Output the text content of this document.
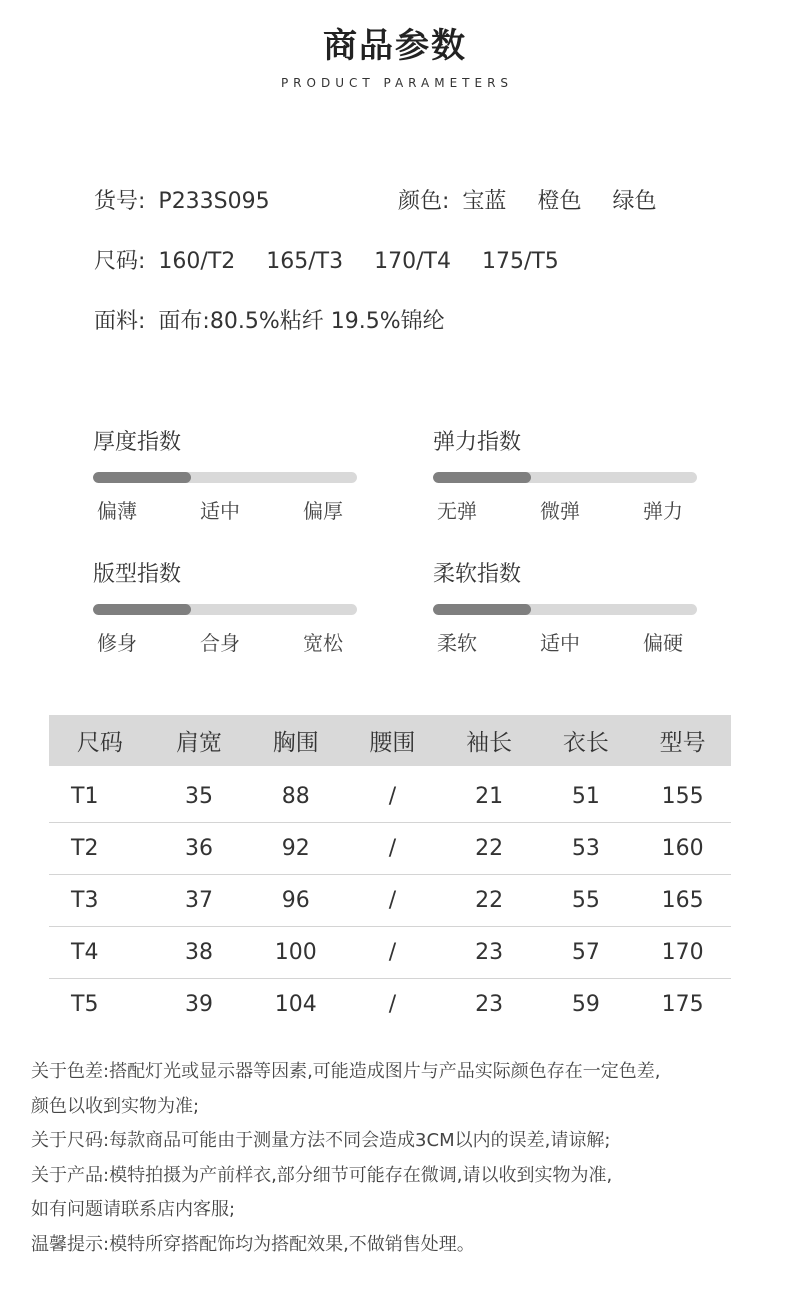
商品参数
PRODUCT PARAMETERS
货号: P233S095	颜色: 宝蓝 橙色 绿色
尺码: 160/T2 165/T3 170/T4 175/T5
面料: 面布:80.5%粘纤 19.5%锦纶
厚度指数
偏薄	适中	偏厚
弹力指数
无弹	微弹	弹力
版型指数
修身	合身	宽松
柔软指数
柔软	适中	偏硬
尺码	肩宽	胸围	腰围	袖长	衣长	型号
T1	35	88	/	21	51	155
T2	36	92	/	22	53	160
T3	37	96	/	22	55	165
T4	38	100	/	23	57	170
T5	39	104	/	23	59	175
关于色差:搭配灯光或显示器等因素,可能造成图片与产品实际颜色存在一定色差,
颜色以收到实物为准;
关于尺码:每款商品可能由于测量方法不同会造成3CM以内的误差,请谅解;
关于产品:模特拍摄为产前样衣,部分细节可能存在微调,请以收到实物为准,
如有问题请联系店内客服;
温馨提示:模特所穿搭配饰均为搭配效果,不做销售处理。
